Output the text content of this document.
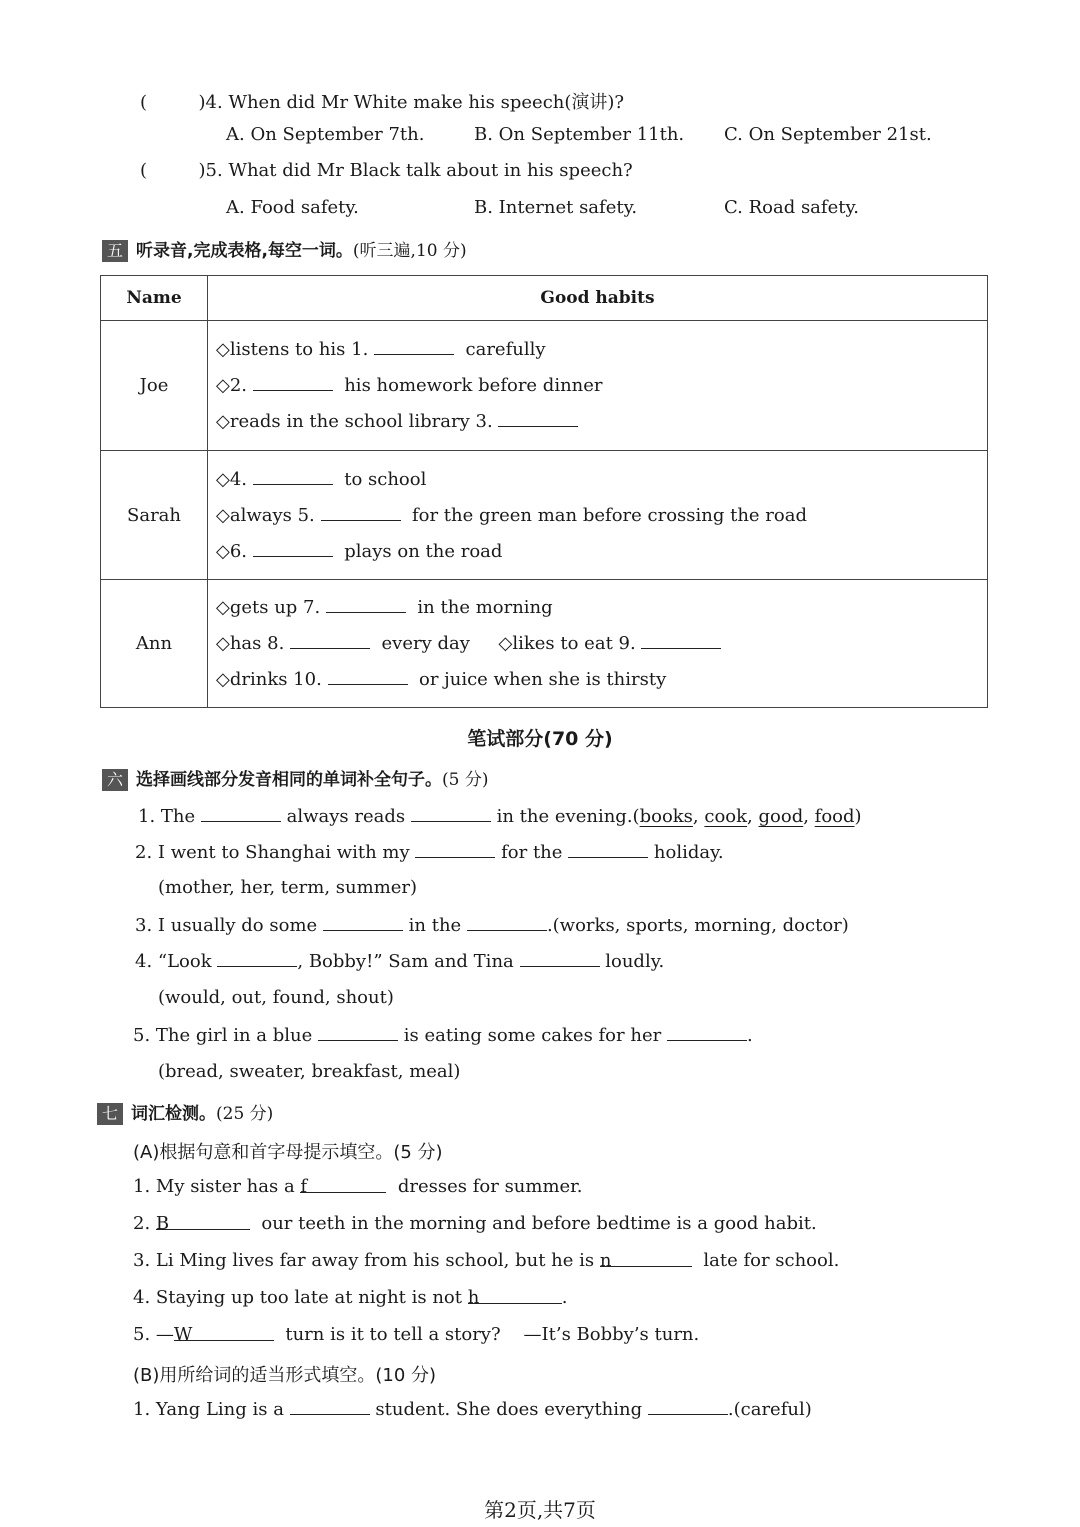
(	)4. When did Mr White make his speech(演讲)?
A. On September 7th.	B. On September 11th. C. On September 21st.
(	)5. What did Mr Black talk about in his speech?
A. Food safety.	B. Internet safety.	C. Road safety.
五 听录音,完成表格,每空一词。(听三遍,10 分)
Name	Good habits
Joe	◇listens to his 1. carefully
◇2. his homework before dinner
◇reads in the school library 3.

Sarah	◇4. to school
◇always 5. for the green man before crossing the road
◇6. plays on the road

Ann	◇gets up 7. in the morning
◇has 8. every day ◇likes to eat 9.
◇drinks 10. or juice when she is thirsty
笔试部分(70 分)
六 选择画线部分发音相同的单词补全句子。(5 分)
1. The	always reads	in the evening.(books, cook, good, food)
2. I went to Shanghai with my	for the	holiday.
(mother, her, term, summer)
3. I usually do some	in the	.(works, sports, morning, doctor)
4. “Look	, Bobby!” Sam and Tina	loudly.
(would, out, found, shout)
5. The girl in a blue	is eating some cakes for her	.
(bread, sweater, breakfast, meal)
七 词汇检测。(25 分)
(A)根据句意和首字母提示填空。(5 分)
1. My sister has a f	dresses for summer.
2. B	our teeth in the morning and before bedtime is a good habit.
3. Li Ming lives far away from his school, but he is n	late for school.
4. Staying up too late at night is not h	.
5. —W	turn is it to tell a story?    —It’s Bobby’s turn.
(B)用所给词的适当形式填空。(10 分)
1. Yang Ling is a	student. She does everything	.(careful)
第2页,共7页
